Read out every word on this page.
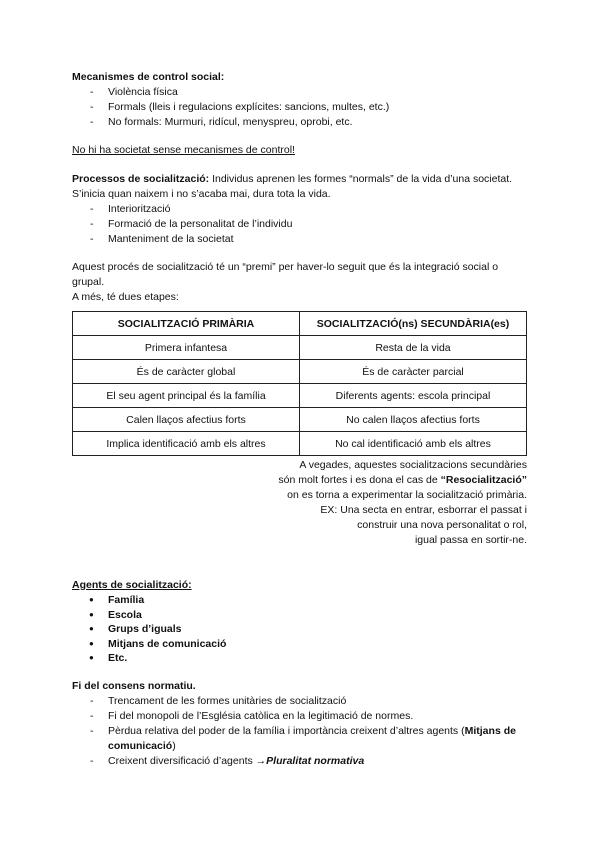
Mecanismes de control social:

- Violència física
- Formals (lleis i regulacions explícites: sancions, multes, etc.)
- No formals: Murmuri, ridícul, menyspreu, oprobi, etc.

No hi ha societat sense mecanismes de control!

Processos de socialització: Individus aprenen les formes “normals” de la vida d’una societat. S’inicia quan naixem i no s’acaba mai, dura tota la vida.

- Interiorització
- Formació de la personalitat de l’individu
- Manteniment de la societat

Aquest procés de socialització té un “premi” per haver-lo seguit que és la integració social o grupal.

A més, té dues etapes:

SOCIALITZACIÓ PRIMÀRIA	SOCIALITZACIÓ(ns) SECUNDÀRIA(es)
Primera infantesa	Resta de la vida
És de caràcter global	És de caràcter parcial
El seu agent principal és la família	Diferents agents: escola principal
Calen llaços afectius forts	No calen llaços afectius forts
Implica identificació amb els altres	No cal identificació amb els altres

A vegades, aquestes socialitzacions secundàries

són molt fortes i es dona el cas de “Resocialització”

on es torna a experimentar la socialització primària.

EX: Una secta en entrar, esborrar el passat i

construir una nova personalitat o rol,

igual passa en sortir-ne.

Agents de socialització:

● Família
● Escola
● Grups d’iguals
● Mitjans de comunicació
● Etc.

Fi del consens normatiu.

- Trencament de les formes unitàries de socialització
- Fi del monopoli de l’Església catòlica en la legitimació de normes.
- Pèrdua relativa del poder de la família i importància creixent d’altres agents (Mitjans de comunicació)
- Creixent diversificació d’agents →Pluralitat normativa
